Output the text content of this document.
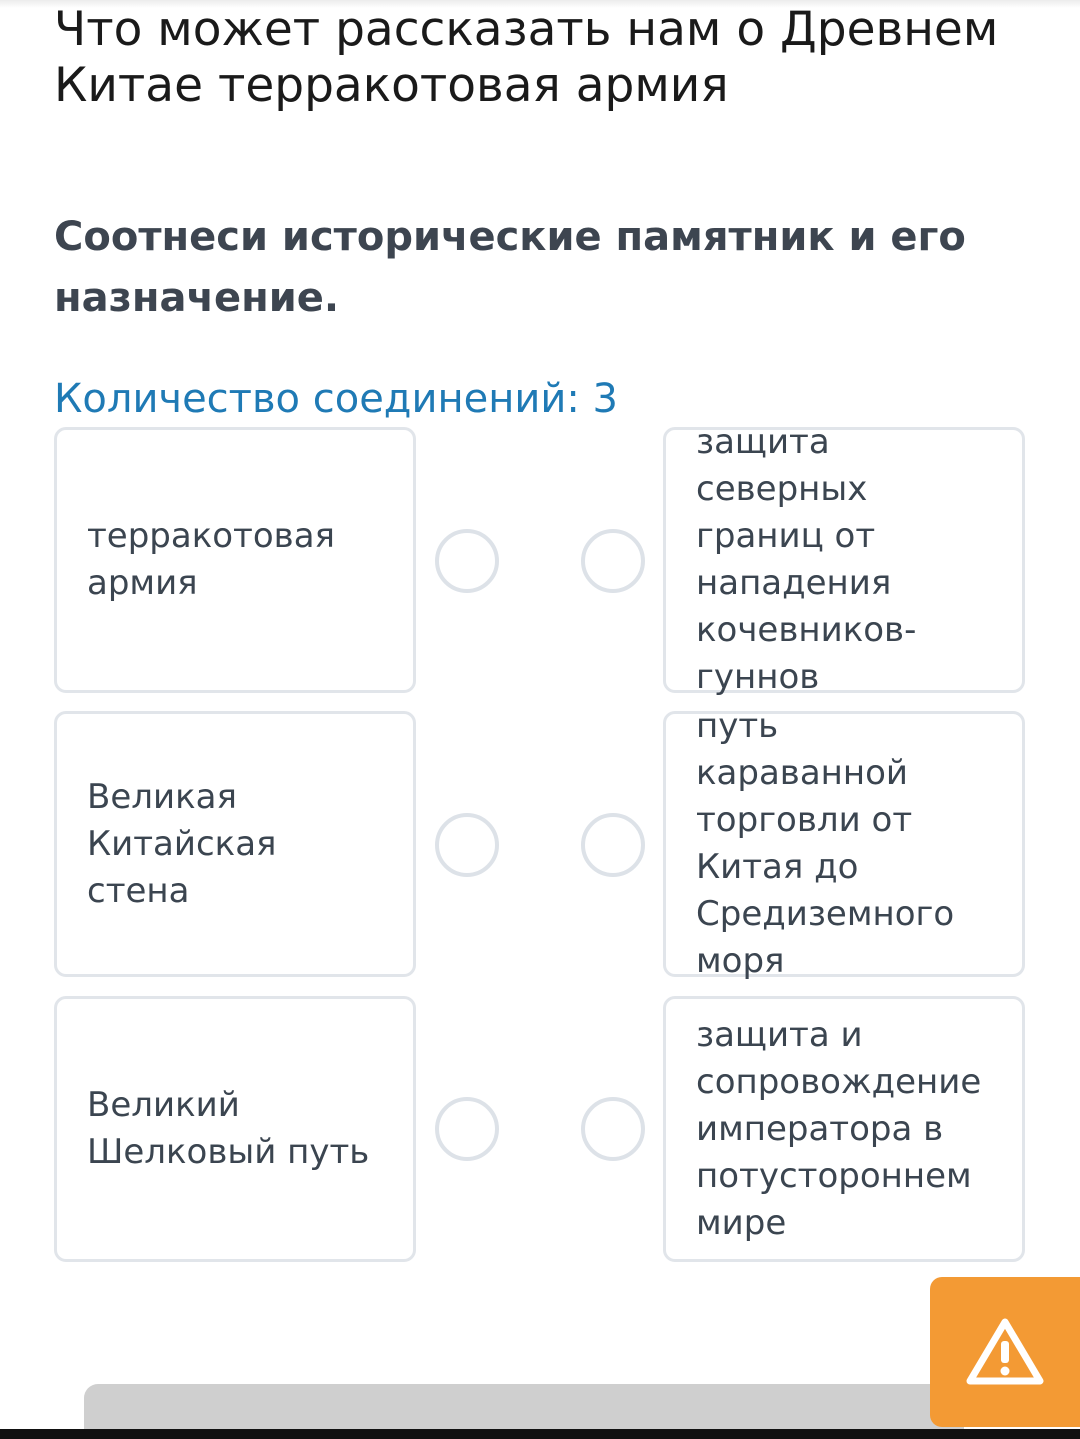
Что может рассказать нам о Древнем Китае терракотовая армия
Соотнеси исторические памятник и его назначение.
Количество соединений: 3
терракотовая армия
защита северных границ от нападения кочевников-гуннов
Великая Китайская стена
путь караванной торговли от Китая до Средиземного моря
Великий Шелковый путь
защита и сопровождение императора в потустороннем мире
